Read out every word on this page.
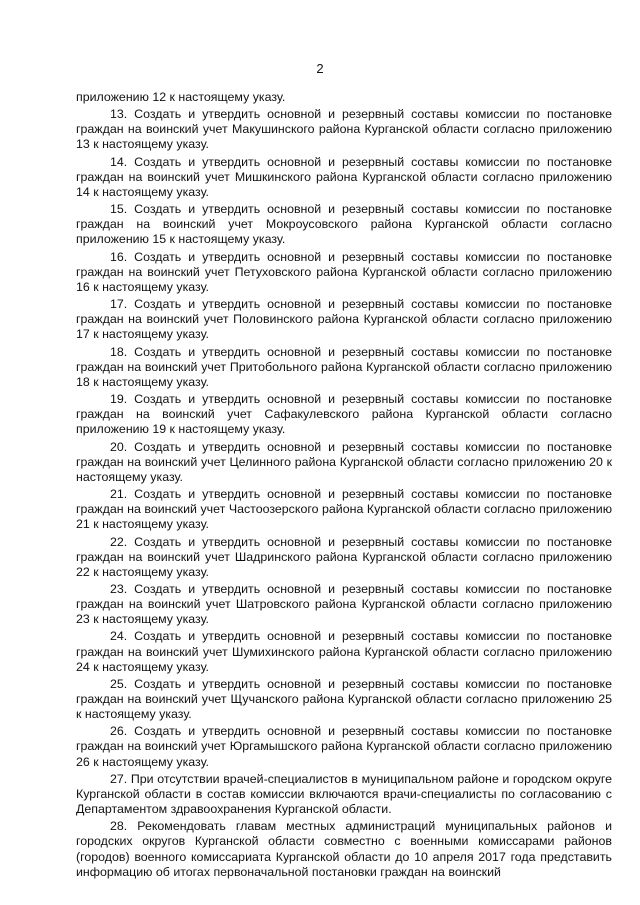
2

приложению 12 к настоящему указу.

13. Создать и утвердить основной и резервный составы комиссии по постановке граждан на воинский учет Макушинского района Курганской области согласно приложению 13 к настоящему указу.

14. Создать и утвердить основной и резервный составы комиссии по постановке граждан на воинский учет Мишкинского района Курганской области согласно приложению 14 к настоящему указу.

15. Создать и утвердить основной и резервный составы комиссии по постановке граждан на воинский учет Мокроусовского района Курганской области согласно приложению 15 к настоящему указу.

16. Создать и утвердить основной и резервный составы комиссии по постановке граждан на воинский учет Петуховского района Курганской области согласно приложению 16 к настоящему указу.

17. Создать и утвердить основной и резервный составы комиссии по постановке граждан на воинский учет Половинского района Курганской области согласно приложению 17 к настоящему указу.

18. Создать и утвердить основной и резервный составы комиссии по постановке граждан на воинский учет Притобольного района Курганской области согласно приложению 18 к настоящему указу.

19. Создать и утвердить основной и резервный составы комиссии по постановке граждан на воинский учет Сафакулевского района Курганской области согласно приложению 19 к настоящему указу.

20. Создать и утвердить основной и резервный составы комиссии по постановке граждан на воинский учет Целинного района Курганской области согласно приложению 20 к настоящему указу.

21. Создать и утвердить основной и резервный составы комиссии по постановке граждан на воинский учет Частоозерского района Курганской области согласно приложению 21 к настоящему указу.

22. Создать и утвердить основной и резервный составы комиссии по постановке граждан на воинский учет Шадринского района Курганской области согласно приложению 22 к настоящему указу.

23. Создать и утвердить основной и резервный составы комиссии по постановке граждан на воинский учет Шатровского района Курганской области согласно приложению 23 к настоящему указу.

24. Создать и утвердить основной и резервный составы комиссии по постановке граждан на воинский учет Шумихинского района Курганской области согласно приложению 24 к настоящему указу.

25. Создать и утвердить основной и резервный составы комиссии по постановке граждан на воинский учет Щучанского района Курганской области согласно приложению 25 к настоящему указу.

26. Создать и утвердить основной и резервный составы комиссии по постановке граждан на воинский учет Юргамышского района Курганской области согласно приложению 26 к настоящему указу.

27. При отсутствии врачей-специалистов в муниципальном районе и городском округе Курганской области в состав комиссии включаются врачи-специалисты по согласованию с Департаментом здравоохранения Курганской области.

28. Рекомендовать главам местных администраций муниципальных районов и городских округов Курганской области совместно с военными комиссарами районов (городов) военного комиссариата Курганской области до 10 апреля 2017 года представить информацию об итогах первоначальной постановки граждан на воинский
